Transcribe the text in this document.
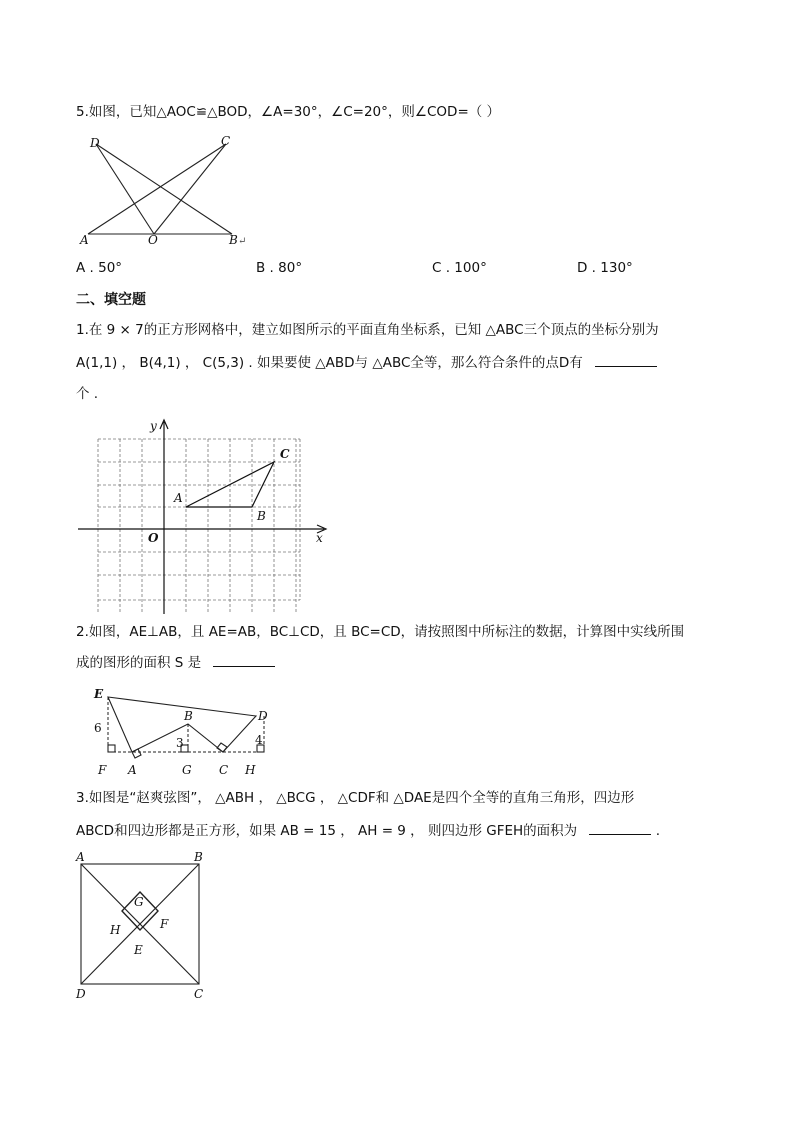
5.如图，已知△AOC≌△BOD，∠A=30°，∠C=20°，则∠COD=（ ）
D	C
A	O	B ↵
A . 50°	B . 80°	C . 100°	D . 130°
二、填空题
1.在 9 × 7的正方形网格中，建立如图所示的平面直角坐标系，已知 △ABC三个顶点的坐标分别为
A(1,1) ， B(4,1) ， C(5,3) . 如果要使 △ABD与 △ABC全等，那么符合条件的点D有
个 .
y
x
O
A
B
C
2.如图，AE⊥AB，且 AE=AB，BC⊥CD，且 BC=CD，请按照图中所标注的数据，计算图中实线所围
成的图形的面积 S 是
E
B	D
F A	G C H
6
3	4
3.如图是“赵爽弦图”， △ABH ， △BCG ， △CDF和 △DAE是四个全等的直角三角形，四边形
ABCD和四边形都是正方形，如果 AB = 15 ， AH = 9 ， 则四边形 GFEH的面积为	.
A	B
D	C
G
H	F
E
